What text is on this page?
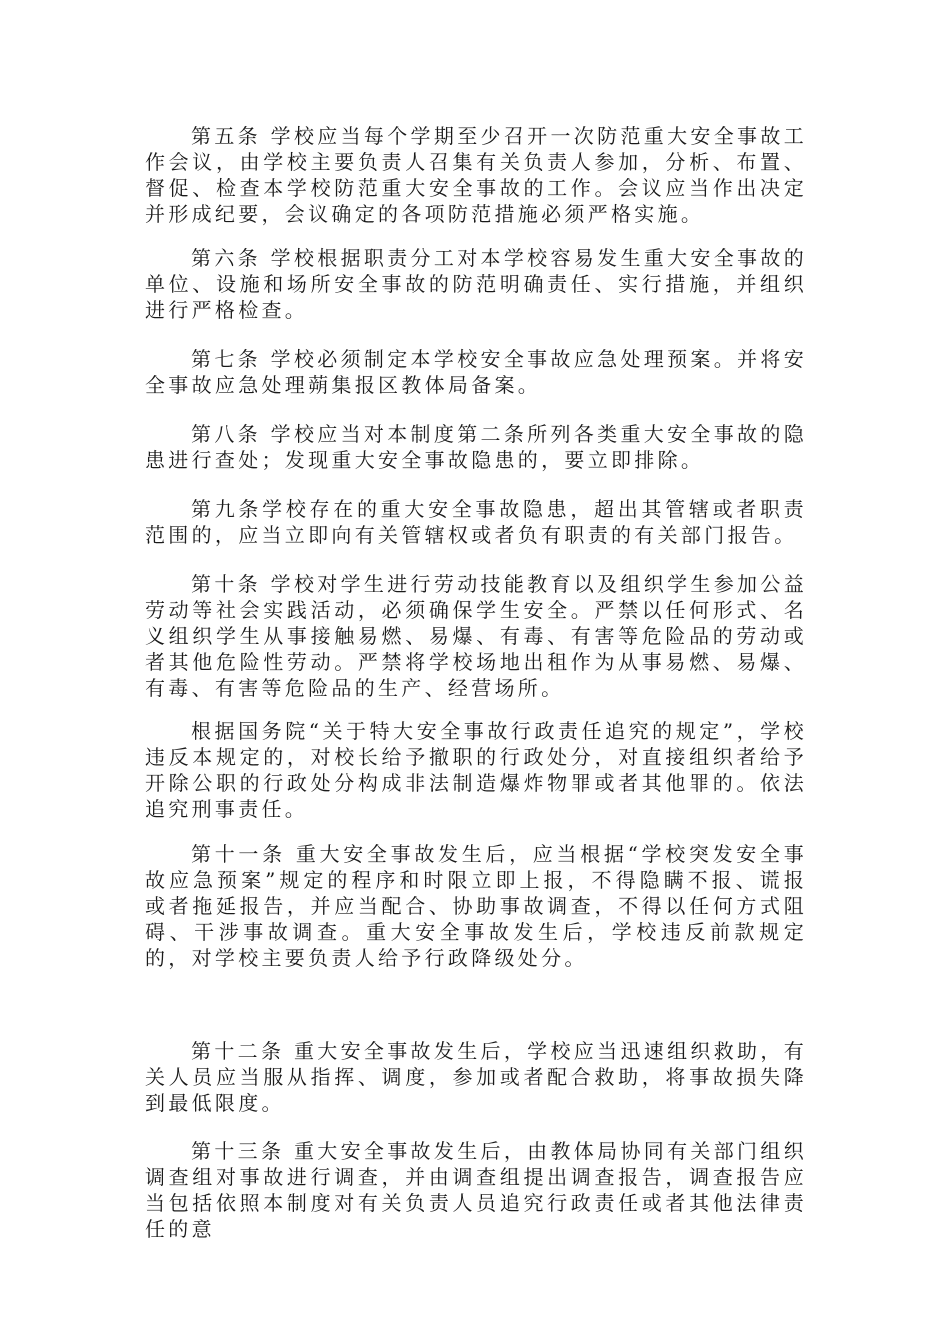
第五条 学校应当每个学期至少召开一次防范重大安全事故工作会议，由学校主要负责人召集有关负责人参加，分析、布置、督促、检查本学校防范重大安全事故的工作。会议应当作出决定并形成纪要，会议确定的各项防范措施必须严格实施。

第六条 学校根据职责分工对本学校容易发生重大安全事故的单位、设施和场所安全事故的防范明确责任、实行措施，并组织进行严格检查。

第七条 学校必须制定本学校安全事故应急处理预案。并将安全事故应急处理蒴集报区教体局备案。

第八条 学校应当对本制度第二条所列各类重大安全事故的隐患进行查处；发现重大安全事故隐患的，要立即排除。

第九条学校存在的重大安全事故隐患，超出其管辖或者职责范围的，应当立即向有关管辖权或者负有职责的有关部门报告。

第十条 学校对学生进行劳动技能教育以及组织学生参加公益劳动等社会实践活动，必须确保学生安全。严禁以任何形式、名义组织学生从事接触易燃、易爆、有毒、有害等危险品的劳动或者其他危险性劳动。严禁将学校场地出租作为从事易燃、易爆、有毒、有害等危险品的生产、经营场所。

根据国务院“关于特大安全事故行政责任追究的规定”，学校违反本规定的，对校长给予撤职的行政处分，对直接组织者给予开除公职的行政处分构成非法制造爆炸物罪或者其他罪的。依法追究刑事责任。

第十一条 重大安全事故发生后，应当根据“学校突发安全事故应急预案”规定的程序和时限立即上报，不得隐瞒不报、谎报或者拖延报告，并应当配合、协助事故调查，不得以任何方式阻碍、干涉事故调查。重大安全事故发生后，学校违反前款规定的，对学校主要负责人给予行政降级处分。

第十二条 重大安全事故发生后，学校应当迅速组织救助，有关人员应当服从指挥、调度，参加或者配合救助，将事故损失降到最低限度。

第十三条 重大安全事故发生后，由教体局协同有关部门组织调查组对事故进行调查，并由调查组提出调查报告，调查报告应当包括依照本制度对有关负责人员追究行政责任或者其他法律责任的意
